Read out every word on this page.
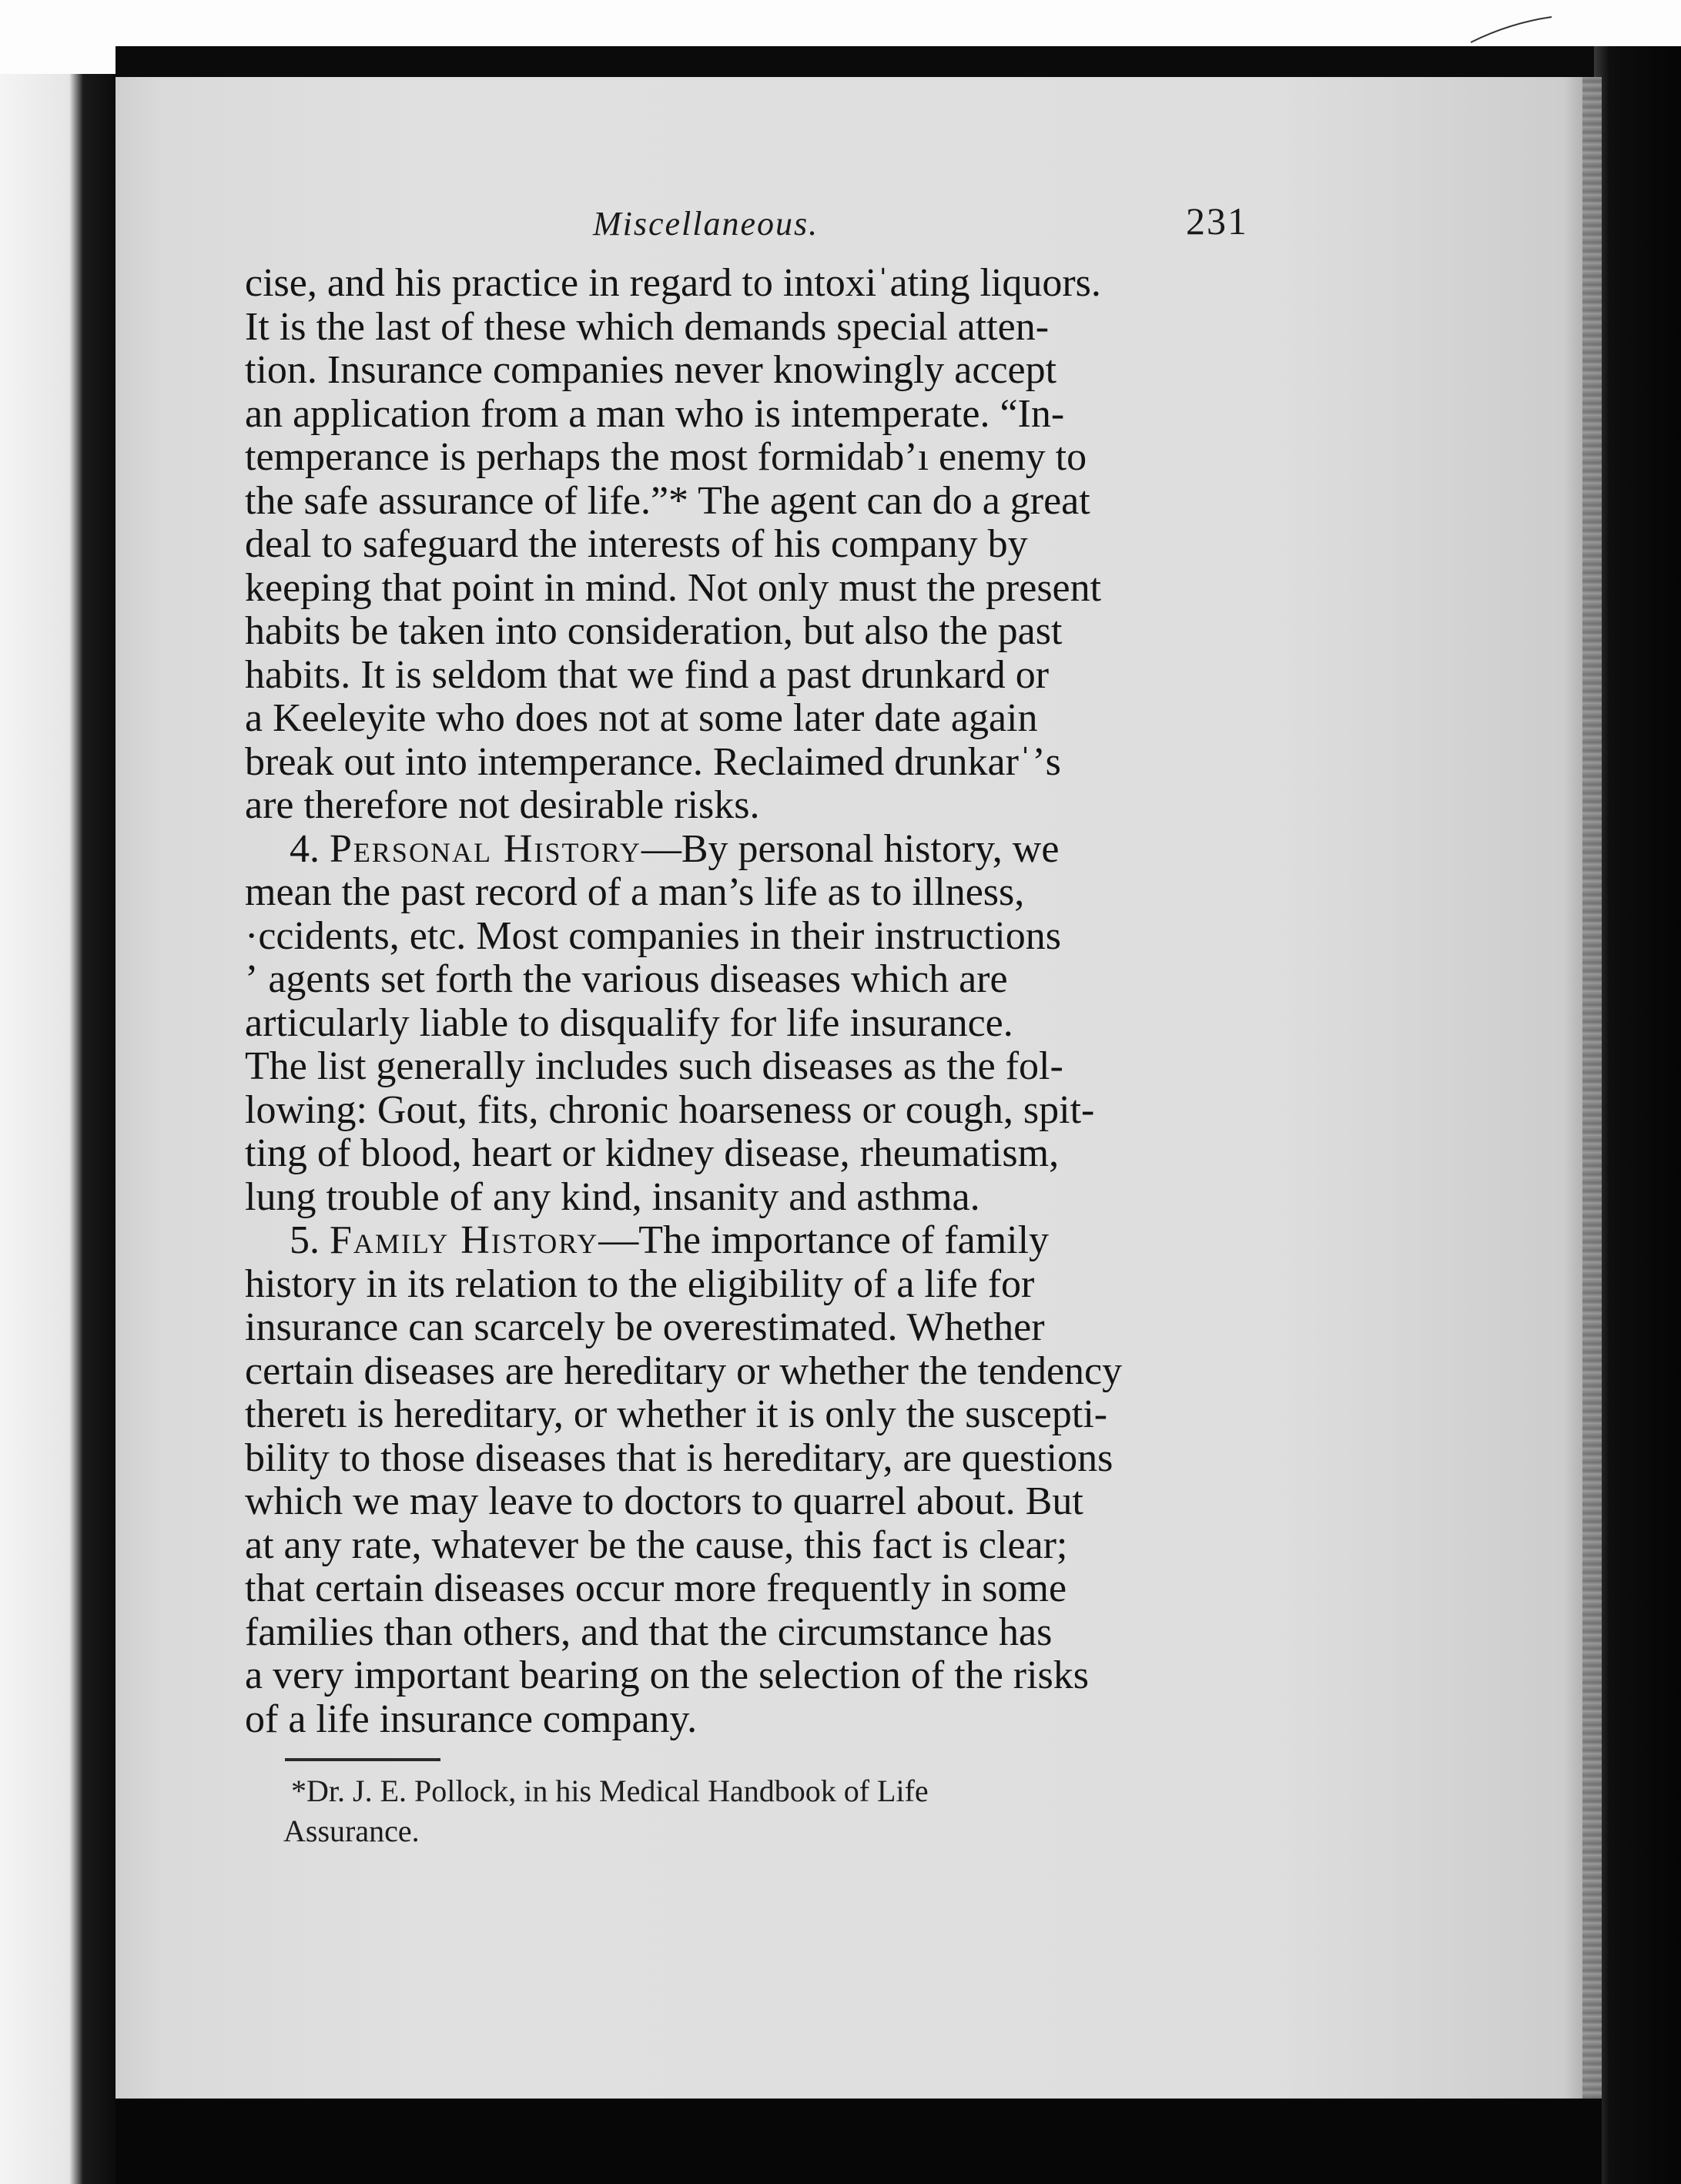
Miscellaneous.	231
cise, and his practice in regard to intoxiˈating liquors.
It is the last of these which demands special atten-
tion. Insurance companies never knowingly accept
an application from a man who is intemperate. “In-
temperance is perhaps the most formidabʼı enemy to
the safe assurance of life.”* The agent can do a great
deal to safeguard the interests of his company by
keeping that point in mind. Not only must the present
habits be taken into consideration, but also the past
habits. It is seldom that we find a past drunkard or
a Keeleyite who does not at some later date again
break out into intemperance. Reclaimed drunkarˈʼs
are therefore not desirable risks.
4. Personal History—By personal history, we
mean the past record of a man’s life as to illness,
·ccidents, etc. Most companies in their instructions
ʼ agents set forth the various diseases which are
articularly liable to disqualify for life insurance.
The list generally includes such diseases as the fol-
lowing: Gout, fits, chronic hoarseness or cough, spit-
ting of blood, heart or kidney disease, rheumatism,
lung trouble of any kind, insanity and asthma.
5. Family History—The importance of family
history in its relation to the eligibility of a life for
insurance can scarcely be overestimated. Whether
certain diseases are hereditary or whether the tendency
theretı is hereditary, or whether it is only the suscepti-
bility to those diseases that is hereditary, are questions
which we may leave to doctors to quarrel about. But
at any rate, whatever be the cause, this fact is clear;
that certain diseases occur more frequently in some
families than others, and that the circumstance has
a very important bearing on the selection of the risks
of a life insurance company.
*Dr. J. E. Pollock, in his Medical Handbook of Life
Assurance.
